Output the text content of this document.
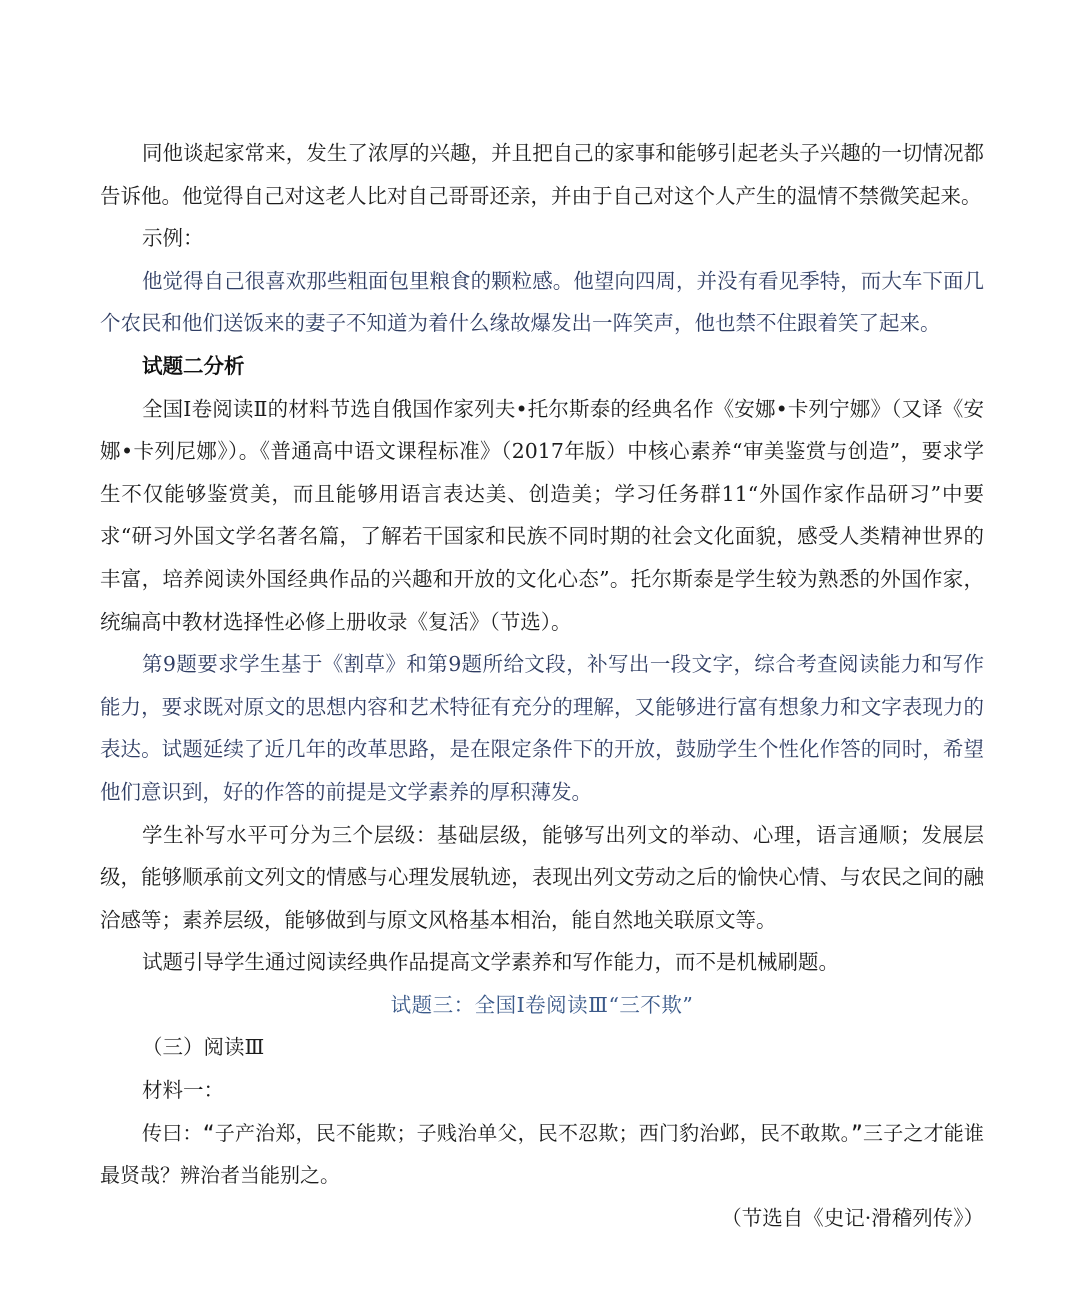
同他谈起家常来，发生了浓厚的兴趣，并且把自己的家事和能够引起老头子兴趣的一切情况都告诉他。他觉得自己对这老人比对自己哥哥还亲，并由于自己对这个人产生的温情不禁微笑起来。

示例：

他觉得自己很喜欢那些粗面包里粮食的颗粒感。他望向四周，并没有看见季特，而大车下面几个农民和他们送饭来的妻子不知道为着什么缘故爆发出一阵笑声，他也禁不住跟着笑了起来。

试题二分析

全国Ⅰ卷阅读Ⅱ的材料节选自俄国作家列夫•托尔斯泰的经典名作《安娜•卡列宁娜》（又译《安娜•卡列尼娜》）。《普通高中语文课程标准》（2017年版）中核心素养“审美鉴赏与创造”，要求学生不仅能够鉴赏美，而且能够用语言表达美、创造美；学习任务群11“外国作家作品研习”中要求“研习外国文学名著名篇，了解若干国家和民族不同时期的社会文化面貌，感受人类精神世界的丰富，培养阅读外国经典作品的兴趣和开放的文化心态”。托尔斯泰是学生较为熟悉的外国作家，统编高中教材选择性必修上册收录《复活》（节选）。

第9题要求学生基于《割草》和第9题所给文段，补写出一段文字，综合考查阅读能力和写作能力，要求既对原文的思想内容和艺术特征有充分的理解，又能够进行富有想象力和文字表现力的表达。试题延续了近几年的改革思路，是在限定条件下的开放，鼓励学生个性化作答的同时，希望他们意识到，好的作答的前提是文学素养的厚积薄发。

学生补写水平可分为三个层级：基础层级，能够写出列文的举动、心理，语言通顺；发展层级，能够顺承前文列文的情感与心理发展轨迹，表现出列文劳动之后的愉快心情、与农民之间的融洽感等；素养层级，能够做到与原文风格基本相治，能自然地关联原文等。

试题引导学生通过阅读经典作品提高文学素养和写作能力，而不是机械刷题。

试题三：全国Ⅰ卷阅读Ⅲ“三不欺”

（三）阅读Ⅲ

材料一：

传曰：“子产治郑，民不能欺；子贱治单父，民不忍欺；西门豹治邺，民不敢欺。”三子之才能谁最贤哉？辨治者当能别之。

（节选自《史记·滑稽列传》）
